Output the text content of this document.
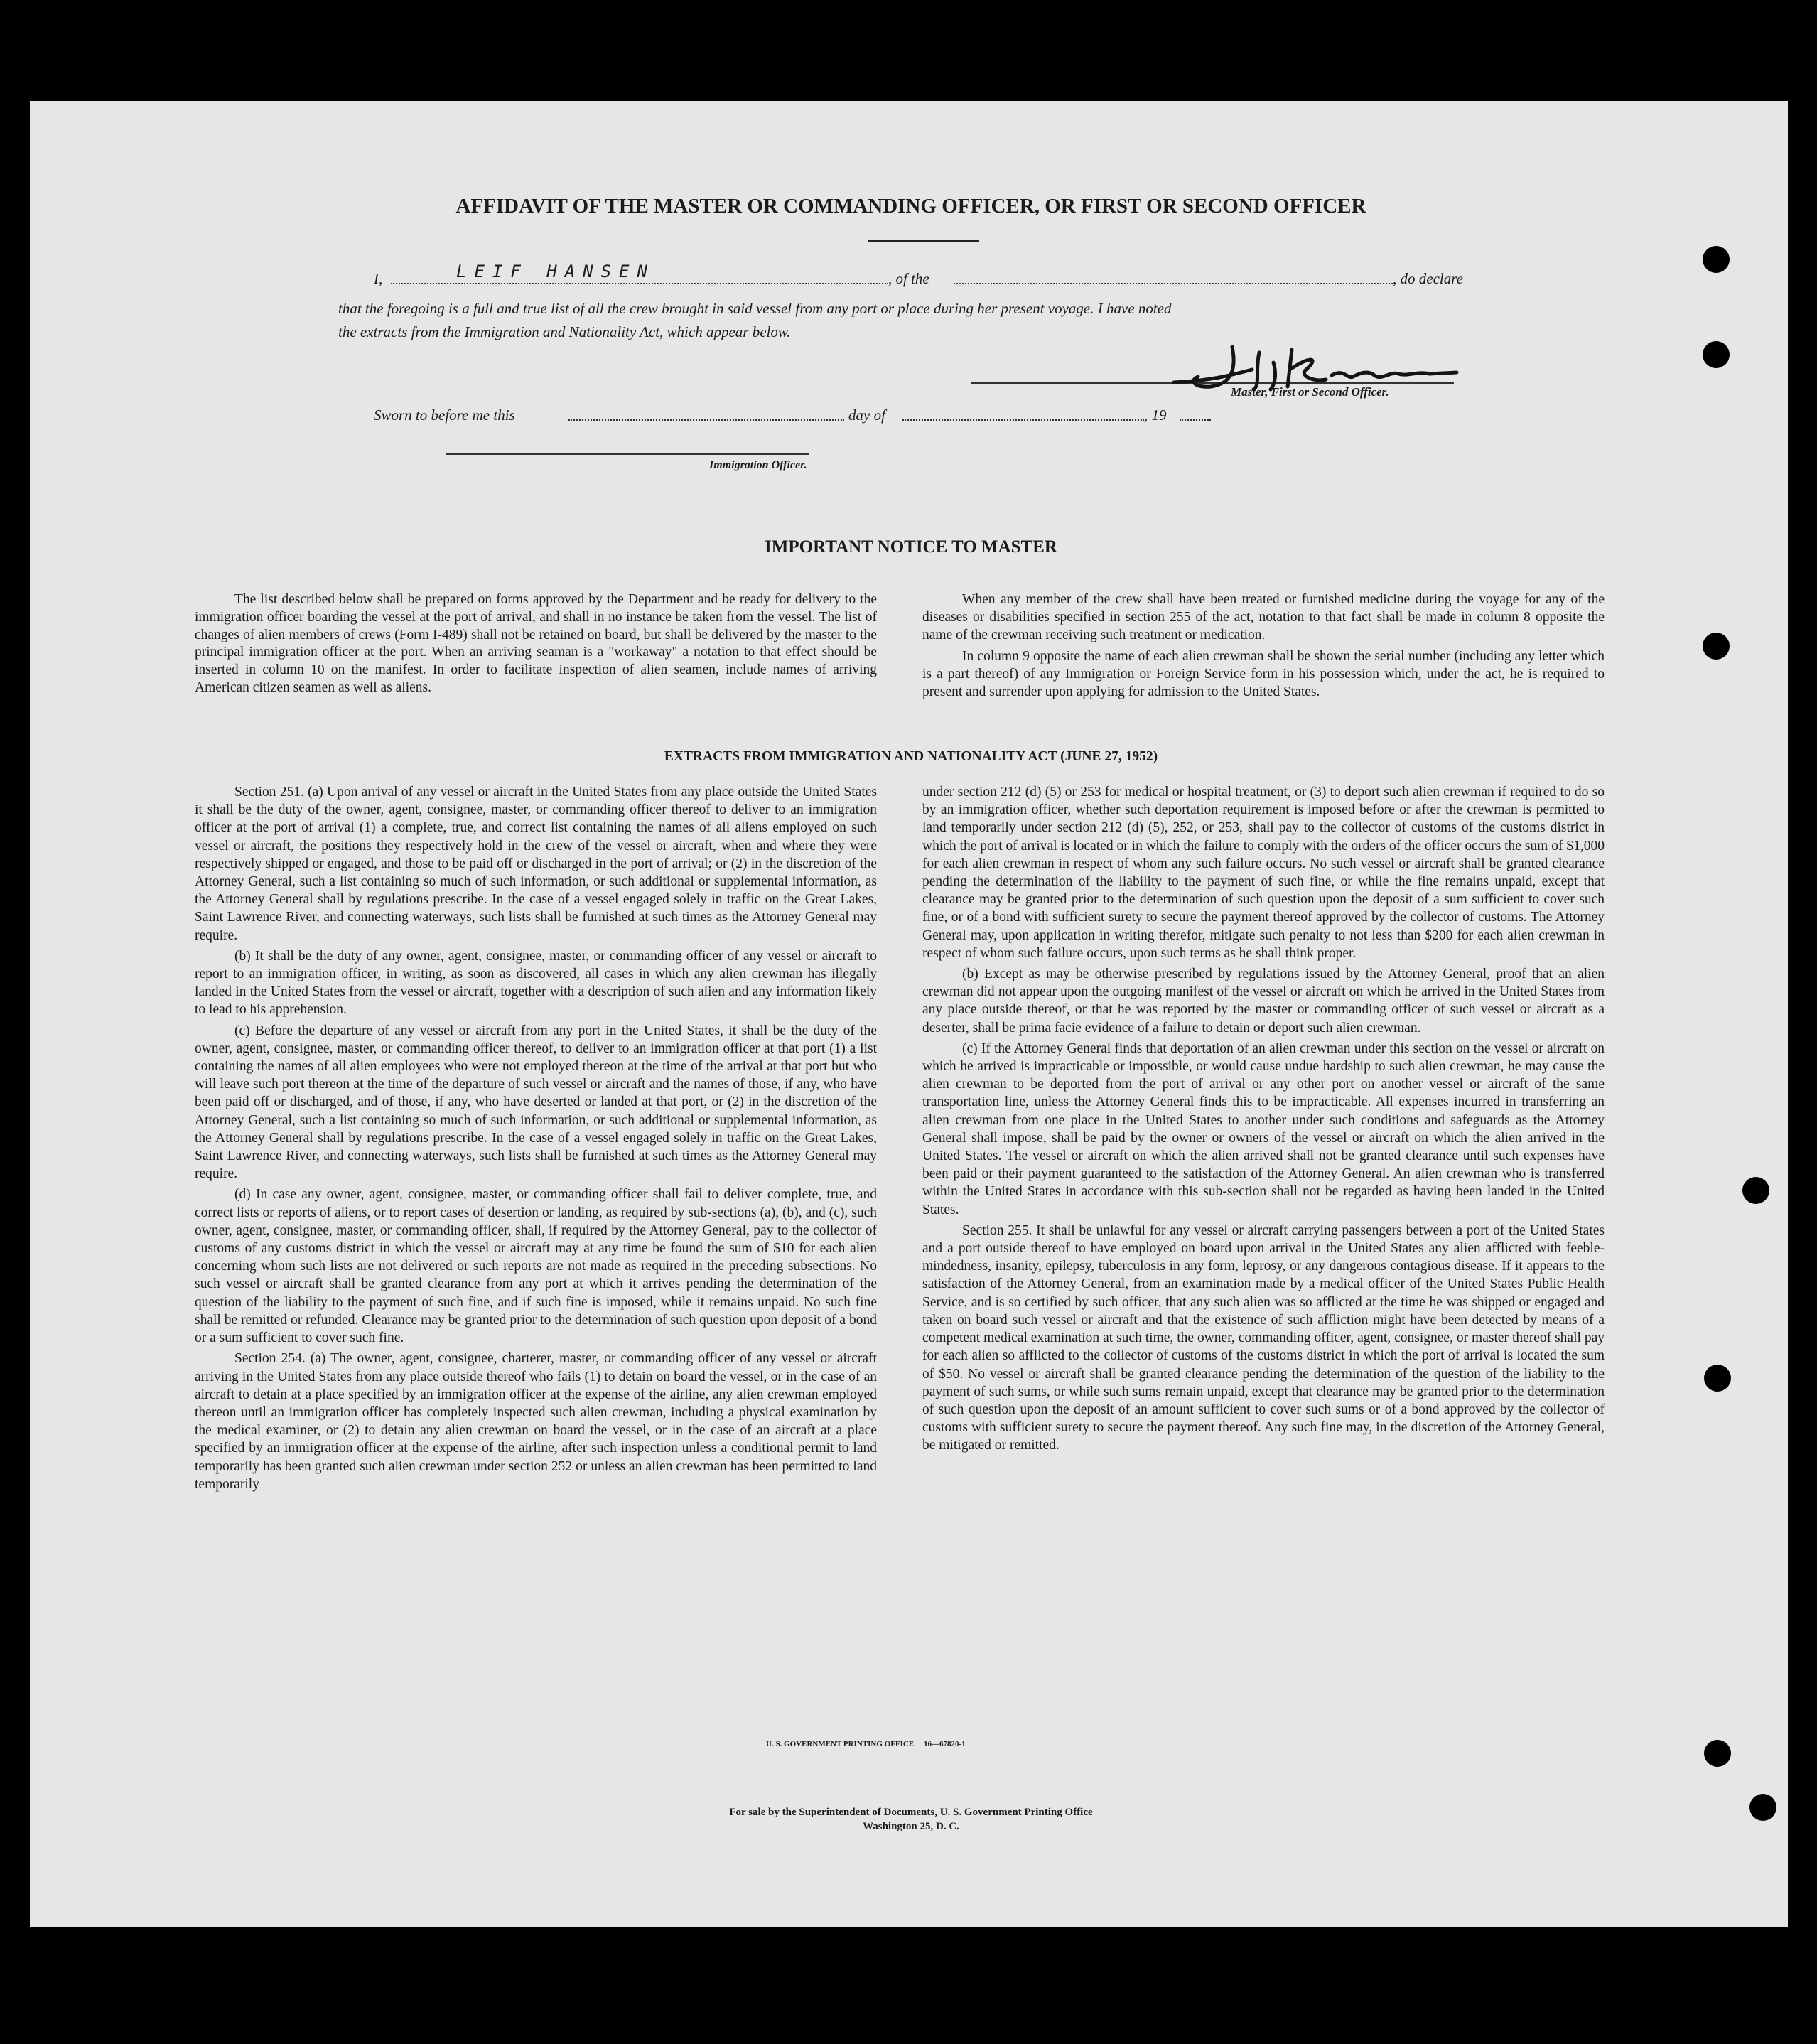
AFFIDAVIT OF THE MASTER OR COMMANDING OFFICER, OR FIRST OR SECOND OFFICER
I,	LEIF HANSEN	, of the	, do declare
that the foregoing is a full and true list of all the crew brought in said vessel from any port or place during her present voyage. I have noted
the extracts from the Immigration and Nationality Act, which appear below.
Master, First or Second Officer.
Sworn to before me this	day of	, 19
Immigration Officer.
IMPORTANT NOTICE TO MASTER
The list described below shall be prepared on forms approved by the Department and be ready for delivery to the immigration officer boarding the vessel at the port of arrival, and shall in no instance be taken from the vessel. The list of changes of alien members of crews (Form I-489) shall not be retained on board, but shall be delivered by the master to the principal immigration officer at the port. When an arriving seaman is a "workaway" a notation to that effect should be inserted in column 10 on the manifest. In order to facilitate inspection of alien seamen, include names of arriving American citizen seamen as well as aliens.

When any member of the crew shall have been treated or furnished medicine during the voyage for any of the diseases or disabilities specified in section 255 of the act, notation to that fact shall be made in column 8 opposite the name of the crewman receiving such treatment or medication.

In column 9 opposite the name of each alien crewman shall be shown the serial number (including any letter which is a part thereof) of any Immigration or Foreign Service form in his possession which, under the act, he is required to present and surrender upon applying for admission to the United States.

EXTRACTS FROM IMMIGRATION AND NATIONALITY ACT (JUNE 27, 1952)

Section 251. (a) Upon arrival of any vessel or aircraft in the United States from any place outside the United States it shall be the duty of the owner, agent, consignee, master, or commanding officer thereof to deliver to an immigration officer at the port of arrival (1) a complete, true, and correct list containing the names of all aliens employed on such vessel or aircraft, the positions they respectively hold in the crew of the vessel or aircraft, when and where they were respectively shipped or engaged, and those to be paid off or discharged in the port of arrival; or (2) in the discretion of the Attorney General, such a list containing so much of such information, or such additional or supplemental information, as the Attorney General shall by regulations prescribe. In the case of a vessel engaged solely in traffic on the Great Lakes, Saint Lawrence River, and connecting waterways, such lists shall be furnished at such times as the Attorney General may require.

(b) It shall be the duty of any owner, agent, consignee, master, or commanding officer of any vessel or aircraft to report to an immigration officer, in writing, as soon as discovered, all cases in which any alien crewman has illegally landed in the United States from the vessel or aircraft, together with a description of such alien and any information likely to lead to his apprehension.

(c) Before the departure of any vessel or aircraft from any port in the United States, it shall be the duty of the owner, agent, consignee, master, or commanding officer thereof, to deliver to an immigration officer at that port (1) a list containing the names of all alien employees who were not employed thereon at the time of the arrival at that port but who will leave such port thereon at the time of the departure of such vessel or aircraft and the names of those, if any, who have been paid off or discharged, and of those, if any, who have deserted or landed at that port, or (2) in the discretion of the Attorney General, such a list containing so much of such information, or such additional or supplemental information, as the Attorney General shall by regulations prescribe. In the case of a vessel engaged solely in traffic on the Great Lakes, Saint Lawrence River, and connecting waterways, such lists shall be furnished at such times as the Attorney General may require.

(d) In case any owner, agent, consignee, master, or commanding officer shall fail to deliver complete, true, and correct lists or reports of aliens, or to report cases of desertion or landing, as required by sub-sections (a), (b), and (c), such owner, agent, consignee, master, or commanding officer, shall, if required by the Attorney General, pay to the collector of customs of any customs district in which the vessel or aircraft may at any time be found the sum of $10 for each alien concerning whom such lists are not delivered or such reports are not made as required in the preceding subsections. No such vessel or aircraft shall be granted clearance from any port at which it arrives pending the determination of the question of the liability to the payment of such fine, and if such fine is imposed, while it remains unpaid. No such fine shall be remitted or refunded. Clearance may be granted prior to the determination of such question upon deposit of a bond or a sum sufficient to cover such fine.

Section 254. (a) The owner, agent, consignee, charterer, master, or commanding officer of any vessel or aircraft arriving in the United States from any place outside thereof who fails (1) to detain on board the vessel, or in the case of an aircraft to detain at a place specified by an immigration officer at the expense of the airline, any alien crewman employed thereon until an immigration officer has completely inspected such alien crewman, including a physical examination by the medical examiner, or (2) to detain any alien crewman on board the vessel, or in the case of an aircraft at a place specified by an immigration officer at the expense of the airline, after such inspection unless a conditional permit to land temporarily has been granted such alien crewman under section 252 or unless an alien crewman has been permitted to land temporarily

under section 212 (d) (5) or 253 for medical or hospital treatment, or (3) to deport such alien crewman if required to do so by an immigration officer, whether such deportation requirement is imposed before or after the crewman is permitted to land temporarily under section 212 (d) (5), 252, or 253, shall pay to the collector of customs of the customs district in which the port of arrival is located or in which the failure to comply with the orders of the officer occurs the sum of $1,000 for each alien crewman in respect of whom any such failure occurs. No such vessel or aircraft shall be granted clearance pending the determination of the liability to the payment of such fine, or while the fine remains unpaid, except that clearance may be granted prior to the determination of such question upon the deposit of a sum sufficient to cover such fine, or of a bond with sufficient surety to secure the payment thereof approved by the collector of customs. The Attorney General may, upon application in writing therefor, mitigate such penalty to not less than $200 for each alien crewman in respect of whom such failure occurs, upon such terms as he shall think proper.

(b) Except as may be otherwise prescribed by regulations issued by the Attorney General, proof that an alien crewman did not appear upon the outgoing manifest of the vessel or aircraft on which he arrived in the United States from any place outside thereof, or that he was reported by the master or commanding officer of such vessel or aircraft as a deserter, shall be prima facie evidence of a failure to detain or deport such alien crewman.

(c) If the Attorney General finds that deportation of an alien crewman under this section on the vessel or aircraft on which he arrived is impracticable or impossible, or would cause undue hardship to such alien crewman, he may cause the alien crewman to be deported from the port of arrival or any other port on another vessel or aircraft of the same transportation line, unless the Attorney General finds this to be impracticable. All expenses incurred in transferring an alien crewman from one place in the United States to another under such conditions and safeguards as the Attorney General shall impose, shall be paid by the owner or owners of the vessel or aircraft on which the alien arrived in the United States. The vessel or aircraft on which the alien arrived shall not be granted clearance until such expenses have been paid or their payment guaranteed to the satisfaction of the Attorney General. An alien crewman who is transferred within the United States in accordance with this sub-section shall not be regarded as having been landed in the United States.

Section 255. It shall be unlawful for any vessel or aircraft carrying passengers between a port of the United States and a port outside thereof to have employed on board upon arrival in the United States any alien afflicted with feeble-mindedness, insanity, epilepsy, tuberculosis in any form, leprosy, or any dangerous contagious disease. If it appears to the satisfaction of the Attorney General, from an examination made by a medical officer of the United States Public Health Service, and is so certified by such officer, that any such alien was so afflicted at the time he was shipped or engaged and taken on board such vessel or aircraft and that the existence of such affliction might have been detected by means of a competent medical examination at such time, the owner, commanding officer, agent, consignee, or master thereof shall pay for each alien so afflicted to the collector of customs of the customs district in which the port of arrival is located the sum of $50. No vessel or aircraft shall be granted clearance pending the determination of the question of the liability to the payment of such sums, or while such sums remain unpaid, except that clearance may be granted prior to the determination of such question upon the deposit of an amount sufficient to cover such sums or of a bond approved by the collector of customs with sufficient surety to secure the payment thereof. Any such fine may, in the discretion of the Attorney General, be mitigated or remitted.

U. S. GOVERNMENT PRINTING OFFICE     16—67820-1
For sale by the Superintendent of Documents, U. S. Government Printing Office
Washington 25, D. C.
